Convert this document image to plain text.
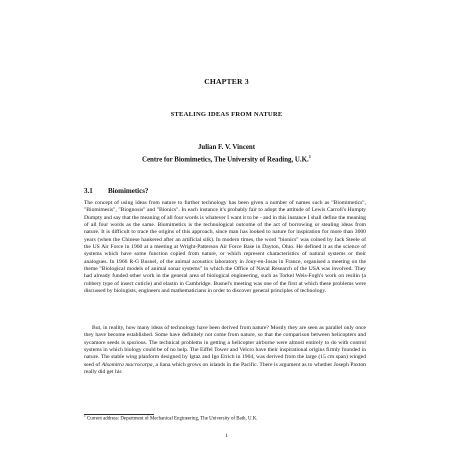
CHAPTER 3
STEALING IDEAS FROM NATURE
Julian F. V. Vincent
Centre for Biomimetics, The University of Reading, U.K.$^1$
3.1 Biomimetics?
The concept of using ideas from nature to further technology has been given a number of names such as "Biomimetics", "Biomimesis", "Biognosis" and "Bionics". In each instance it's probably fair to adopt the attitude of Lewis Carroll's Humpty Dumpty and say that the meaning of all four words is whatever I want it to be - and in this instance I shall define the meaning of all four words as the same. Biomimetics is the technological outcome of the act of borrowing or stealing ideas from nature. It is difficult to trace the origins of this approach, since man has looked to nature for inspiration for more than 3000 years (when the Chinese hankered after an artificial silk). In modern times, the word "bionics" was coined by Jack Steele of the US Air Force in 1960 at a meeting at Wright-Patterson Air Force Base in Dayton, Ohio. He defined it as the science of systems which have some function copied from nature, or which represent characteristics of natural systems or their analogues. In 1966 R-G Busnel, of the animal acoustics laboratory in Jouy-en-Josas in France, organised a meeting on the theme "Biological models of animal sonar systems" in which the Office of Naval Research of the USA was involved. They had already funded other work in the general area of biological engineering, such as Torkel Weis-Fogh's work on resilin (a rubbery type of insect cuticle) and elastin in Cambridge. Busnel's meeting was one of the first at which these problems were discussed by biologists, engineers and mathematicians in order to discover general principles of technology.
But, in reality, how many ideas of technology have been derived from nature? Mostly they are seen as parallel only once they have become established. Some have definitely not come from nature, so that the comparison between helicopters and sycamore seeds is spurious. The technical problems in getting a helicopter airborne were almost entirely to do with control systems in which biology could be of no help. The Eiffel Tower and Velcro have their inspirational origins firmly founded in nature. The stable wing planform designed by Igtaz and Igo Etrich in 1904, was derived from the large (15 cm span) winged seed of Alsomitra macrocarpa, a liana which grows on islands in the Pacific. There is argument as to whether Joseph Paxton really did get his
$^1$ Current address: Department of Mechanical Engineering, The University of Bath, U.K.
1
